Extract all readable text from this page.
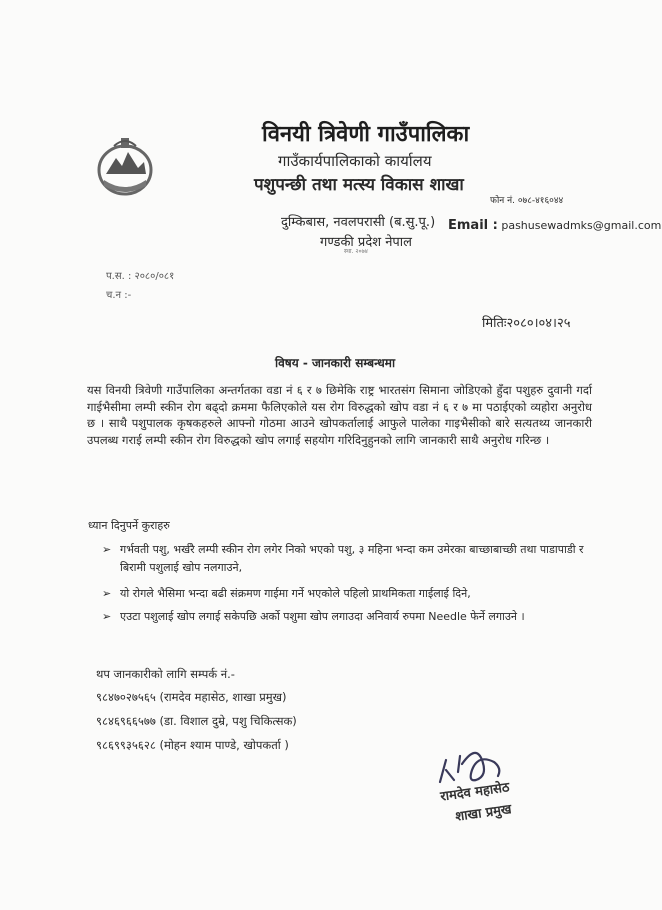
विनयी त्रिवेणी गाउँपालिका
गाउँकार्यपालिकाको कार्यालय
पशुपन्छी तथा मत्स्य विकास शाखा
फोन नं. ०७८-४१६०४४
दुम्किबास, नवलपरासी (ब.सु.पू.) Email : pashusewadmks@gmail.com
गण्डकी प्रदेश नेपाल
स्था. २०७४
प.स. : २०८०/०८१
च.न :-
मितिः२०८०।०४।२५
विषय - जानकारी सम्बन्धमा
यस विनयी त्रिवेणी गाउँपालिका अन्तर्गतका वडा नं ६ र ७ छिमेकि राष्ट्र भारतसंग सिमाना जोडिएको हुँदा पशुहरु दुवानी गर्दा गाईभैसीमा लम्पी स्कीन रोग बढ्दो क्रममा फैलिएकोले यस रोग विरुद्धको खोप वडा नं ६ र ७ मा पठाईएको व्यहोरा अनुरोध छ । साथै पशुपालक कृषकहरुले आफ्नो गोठमा आउने खोपकर्तालाई आफुले पालेका गाइभैसीको बारे सत्यतथ्य जानकारी उपलब्ध गराई लम्पी स्कीन रोग विरुद्धको खोप लगाई सहयोग गरिदिनुहुनको लागि जानकारी साथै अनुरोध गरिन्छ ।
ध्यान दिनुपर्ने कुराहरु
➢ गर्भवती पशु, भर्खरै लम्पी स्कीन रोग लगेर निको भएको पशु, ३ महिना भन्दा कम उमेरका बाच्छाबाच्छी तथा पाडापाडी र बिरामी पशुलाई खोप नलगाउने,
➢ यो रोगले भैसिमा भन्दा बढी संक्रमण गाईमा गर्ने भएकोले पहिलो प्राथमिकता गाईलाई दिने,
➢ एउटा पशुलाई खोप लगाई सकेपछि अर्को पशुमा खोप लगाउदा अनिवार्य रुपमा Needle फेर्ने लगाउने ।
थप जानकारीको लागि सम्पर्क नं.-
९८४७०२७५६५ (रामदेव महासेठ, शाखा प्रमुख)
९८४६९६६५७७ (डा. विशाल दुम्रे, पशु चिकित्सक)
९८६९९३५६२८ (मोहन श्याम पाण्डे, खोपकर्ता )
रामदेव महासेठ
शाखा प्रमुख
